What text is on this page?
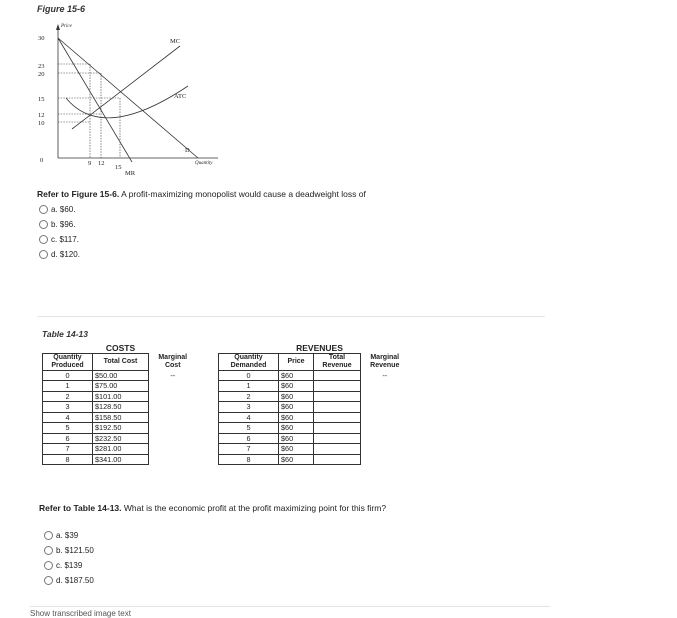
Figure 15-6
Price
Quantity
30
23
20
15
12
10
0	9 12
15
MC
ATC
D
MR
Refer to Figure 15-6. A profit-maximizing monopolist would cause a deadweight loss of
a.
$60.
b.
$96.
c.
$117.
d.
$120.
Table 14-13
	COSTS				REVENUES		
Quantity Produced	Total Cost	Marginal Cost		Quantity Demanded	Price	Total Revenue	Marginal Revenue
0	$50.00	--		0	$60		--
1	$75.00			1	$60		
2	$101.00			2	$60		
3	$128.50			3	$60		
4	$158.50			4	$60		
5	$192.50			5	$60		
6	$232.50			6	$60		
7	$281.00			7	$60		
8	$341.00			8	$60		
Refer to Table 14-13. What is the economic profit at the profit maximizing point for this firm?
a.
$39
b.
$121.50
c.
$139
d.
$187.50
Show transcribed image text
